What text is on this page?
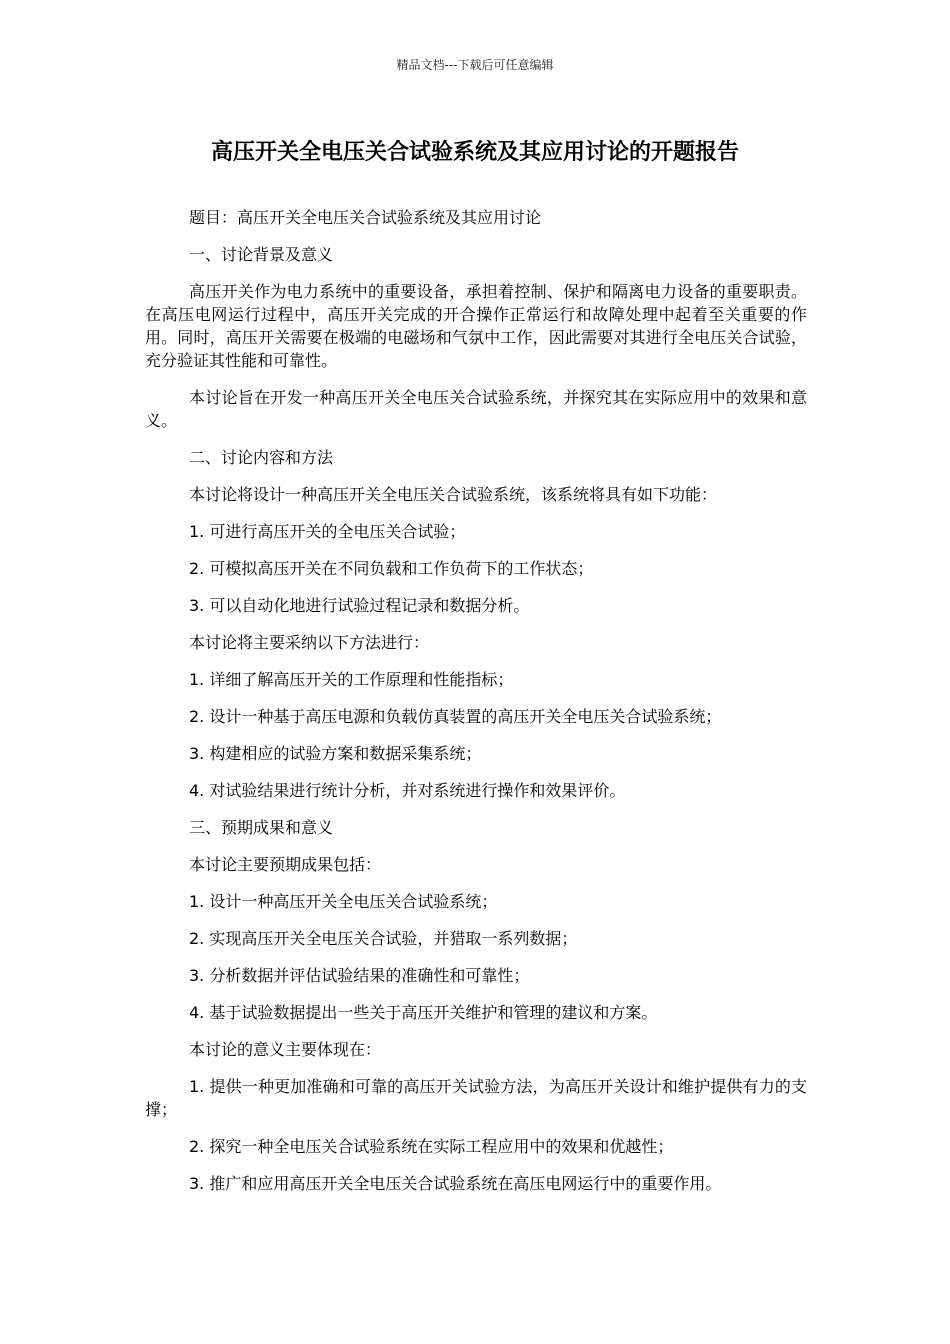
精品文档---下载后可任意编辑
高压开关全电压关合试验系统及其应用讨论的开题报告

题目：高压开关全电压关合试验系统及其应用讨论

一、讨论背景及意义

高压开关作为电力系统中的重要设备，承担着控制、保护和隔离电力设备的重要职责。在高压电网运行过程中，高压开关完成的开合操作正常运行和故障处理中起着至关重要的作用。同时，高压开关需要在极端的电磁场和气氛中工作，因此需要对其进行全电压关合试验，充分验证其性能和可靠性。

本讨论旨在开发一种高压开关全电压关合试验系统，并探究其在实际应用中的效果和意义。

二、讨论内容和方法

本讨论将设计一种高压开关全电压关合试验系统，该系统将具有如下功能：

1. 可进行高压开关的全电压关合试验；

2. 可模拟高压开关在不同负载和工作负荷下的工作状态；

3. 可以自动化地进行试验过程记录和数据分析。

本讨论将主要采纳以下方法进行：

1. 详细了解高压开关的工作原理和性能指标；

2. 设计一种基于高压电源和负载仿真装置的高压开关全电压关合试验系统；

3. 构建相应的试验方案和数据采集系统；

4. 对试验结果进行统计分析，并对系统进行操作和效果评价。

三、预期成果和意义

本讨论主要预期成果包括：

1. 设计一种高压开关全电压关合试验系统；

2. 实现高压开关全电压关合试验，并猎取一系列数据；

3. 分析数据并评估试验结果的准确性和可靠性；

4. 基于试验数据提出一些关于高压开关维护和管理的建议和方案。

本讨论的意义主要体现在：

1. 提供一种更加准确和可靠的高压开关试验方法，为高压开关设计和维护提供有力的支撑；

2. 探究一种全电压关合试验系统在实际工程应用中的效果和优越性；

3. 推广和应用高压开关全电压关合试验系统在高压电网运行中的重要作用。
